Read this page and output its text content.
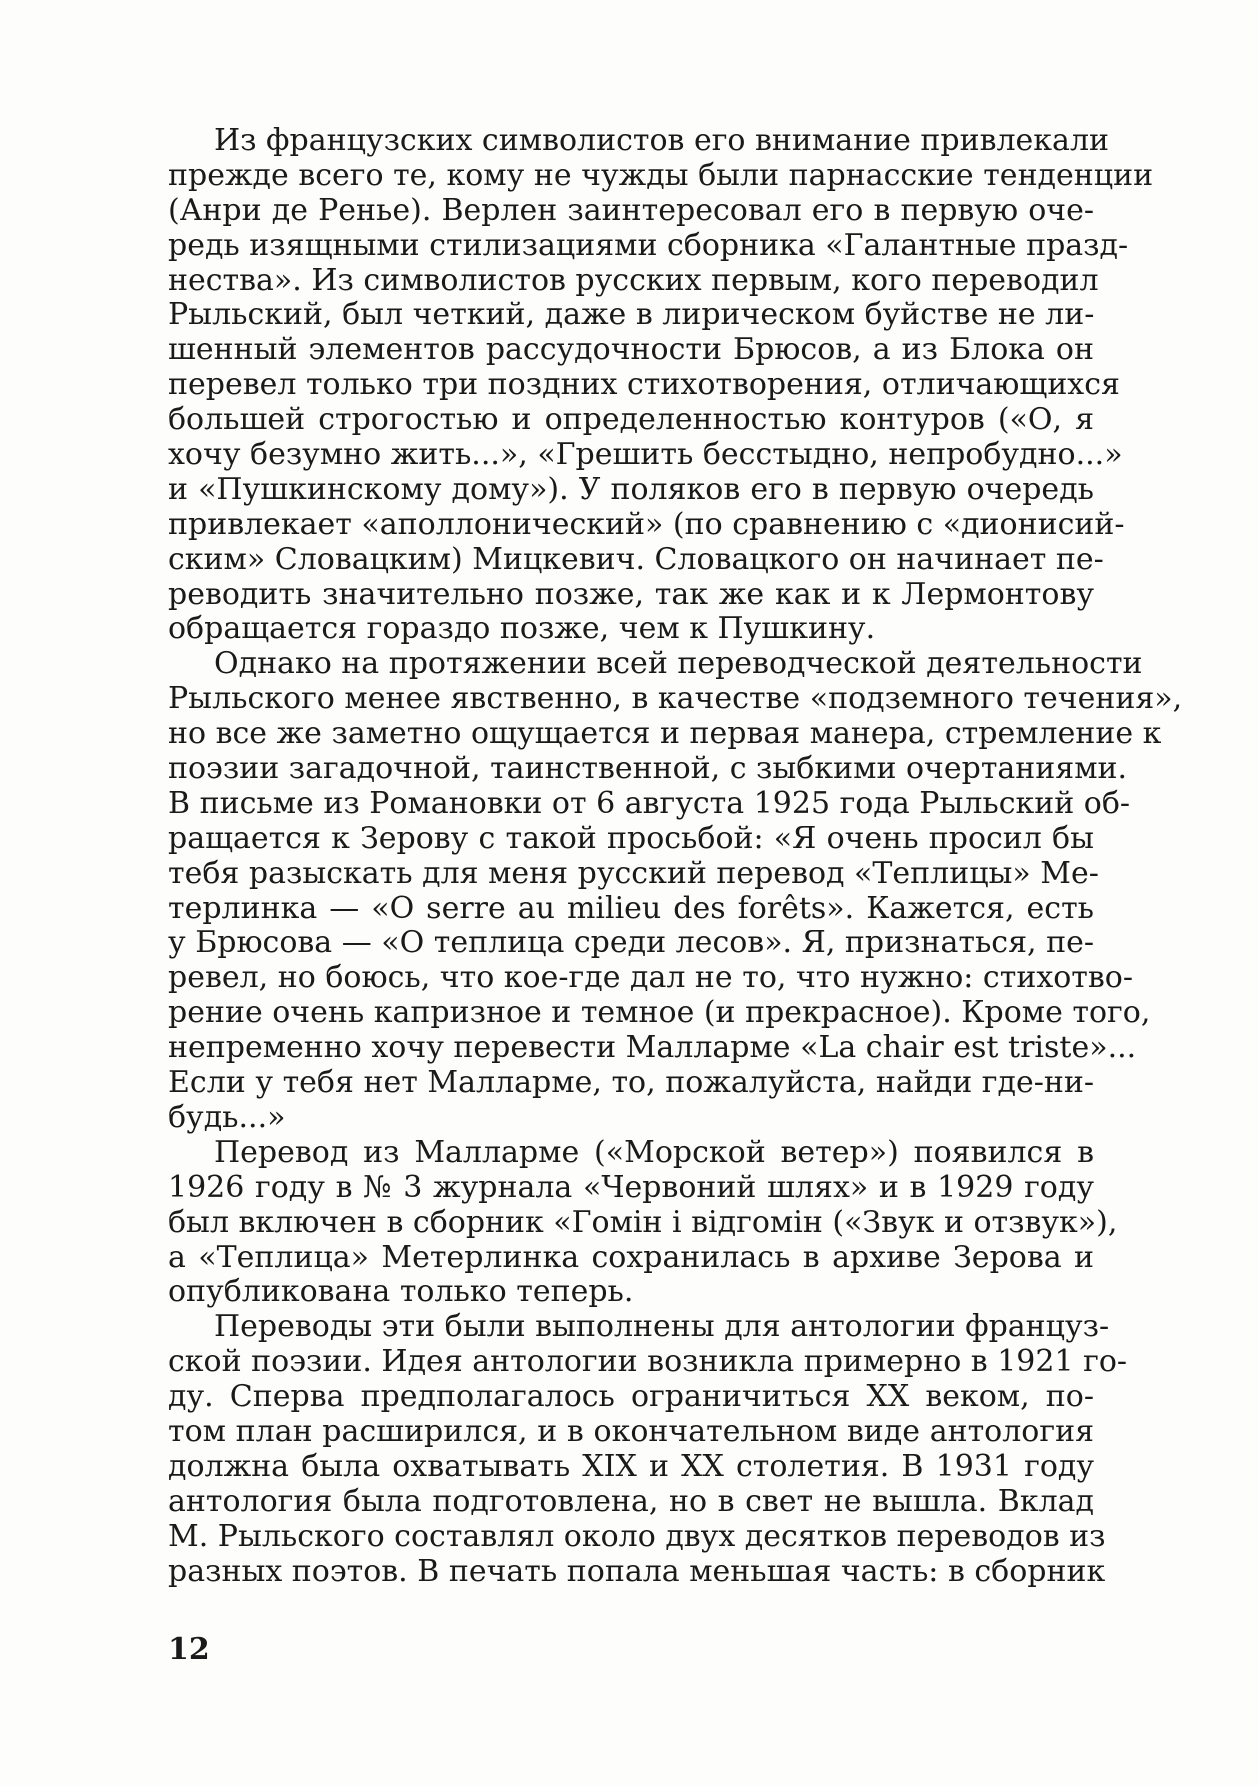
Из французских символистов его внимание привлекали
прежде всего те, кому не чужды были парнасские тенденции
(Анри де Ренье). Верлен заинтересовал его в первую оче-
редь изящными стилизациями сборника «Галантные празд-
нества». Из символистов русских первым, кого переводил
Рыльский, был четкий, даже в лирическом буйстве не ли-
шенный элементов рассудочности Брюсов, а из Блока он
перевел только три поздних стихотворения, отличающихся
большей строгостью и определенностью контуров («О, я
хочу безумно жить...», «Грешить бесстыдно, непробудно...»
и «Пушкинскому дому»). У поляков его в первую очередь
привлекает «аполлонический» (по сравнению с «дионисий-
ским» Словацким) Мицкевич. Словацкого он начинает пе-
реводить значительно позже, так же как и к Лермонтову
обращается гораздо позже, чем к Пушкину.
Однако на протяжении всей переводческой деятельности
Рыльского менее явственно, в качестве «подземного течения»,
но все же заметно ощущается и первая манера, стремление к
поэзии загадочной, таинственной, с зыбкими очертаниями.
В письме из Романовки от 6 августа 1925 года Рыльский об-
ращается к Зерову с такой просьбой: «Я очень просил бы
тебя разыскать для меня русский перевод «Теплицы» Ме-
терлинка — «O serre au milieu des forêts». Кажется, есть
у Брюсова — «О теплица среди лесов». Я, признаться, пе-
ревел, но боюсь, что кое-где дал не то, что нужно: стихотво-
рение очень капризное и темное (и прекрасное). Кроме того,
непременно хочу перевести Малларме «La chair est triste»...
Если у тебя нет Малларме, то, пожалуйста, найди где-ни-
будь...»
Перевод из Малларме («Морской ветер») появился в
1926 году в № 3 журнала «Червоний шлях» и в 1929 году
был включен в сборник «Гомін і відгомін («Звук и отзвук»),
а «Теплица» Метерлинка сохранилась в архиве Зерова и
опубликована только теперь.
Переводы эти были выполнены для антологии француз-
ской поэзии. Идея антологии возникла примерно в 1921 го-
ду. Сперва предполагалось ограничиться XX веком, по-
том план расширился, и в окончательном виде антология
должна была охватывать XIX и XX столетия. В 1931 году
антология была подготовлена, но в свет не вышла. Вклад
М. Рыльского составлял около двух десятков переводов из
разных поэтов. В печать попала меньшая часть: в сборник
12
